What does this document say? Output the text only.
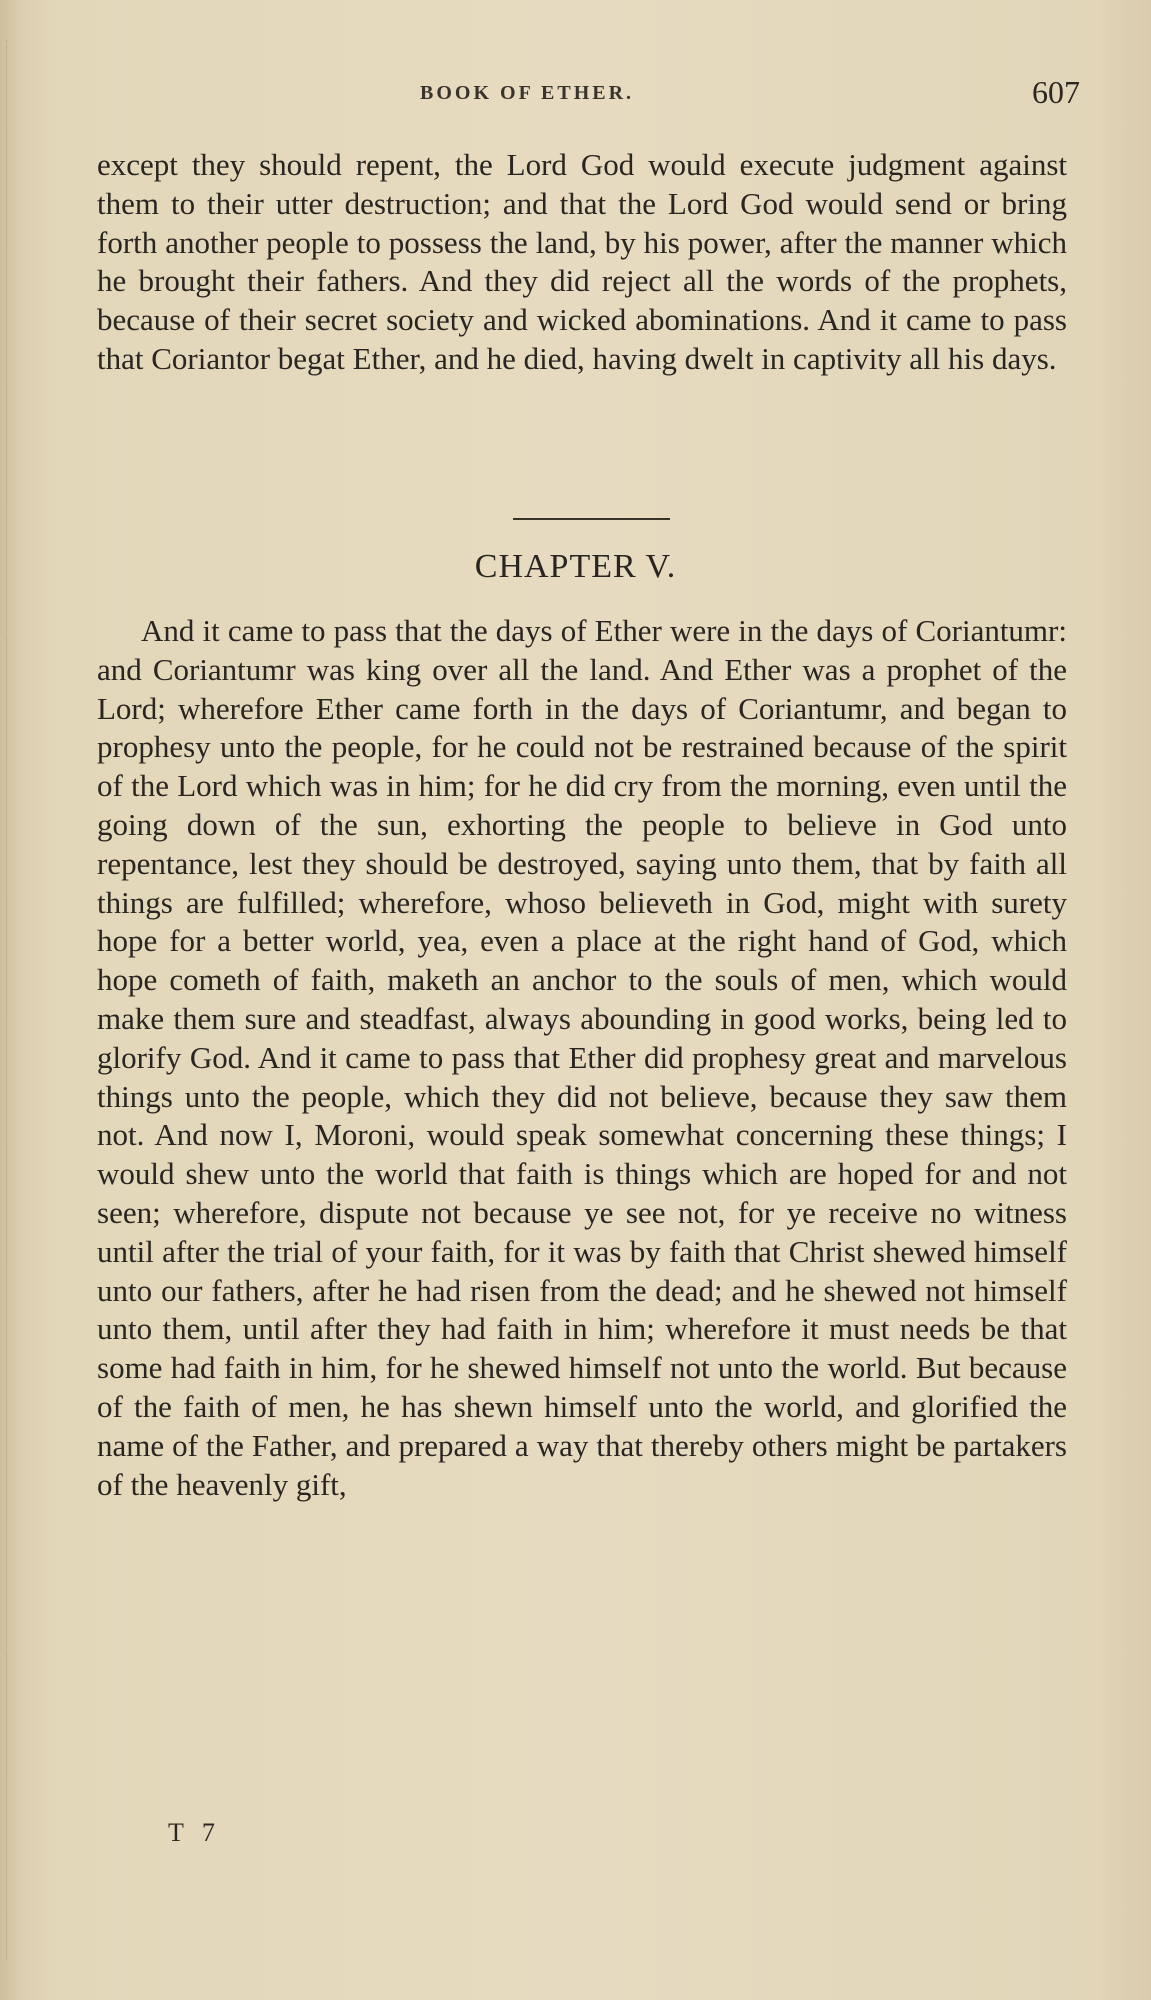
BOOK OF ETHER.	607

except they should repent, the Lord God would execute judgment against them to their utter destruction; and that the Lord God would send or bring forth another people to possess the land, by his power, after the manner which he brought their fathers. And they did reject all the words of the prophets, because of their secret society and wicked abominations. And it came to pass that Coriantor begat Ether, and he died, having dwelt in captivity all his days.

CHAPTER V.

And it came to pass that the days of Ether were in the days of Coriantumr: and Coriantumr was king over all the land. And Ether was a prophet of the Lord; wherefore Ether came forth in the days of Coriantumr, and began to prophesy unto the people, for he could not be restrained because of the spirit of the Lord which was in him; for he did cry from the morning, even until the going down of the sun, exhorting the people to believe in God unto repentance, lest they should be destroyed, saying unto them, that by faith all things are fulfilled; wherefore, whoso believeth in God, might with surety hope for a better world, yea, even a place at the right hand of God, which hope cometh of faith, maketh an anchor to the souls of men, which would make them sure and steadfast, always abounding in good works, being led to glorify God. And it came to pass that Ether did prophesy great and marvelous things unto the people, which they did not believe, because they saw them not. And now I, Moroni, would speak somewhat concerning these things; I would shew unto the world that faith is things which are hoped for and not seen; wherefore, dispute not because ye see not, for ye receive no witness until after the trial of your faith, for it was by faith that Christ shewed himself unto our fathers, after he had risen from the dead; and he shewed not himself unto them, until after they had faith in him; wherefore it must needs be that some had faith in him, for he shewed himself not unto the world. But because of the faith of men, he has shewn himself unto the world, and glorified the name of the Father, and prepared a way that thereby others might be partakers of the heavenly gift,

T 7
